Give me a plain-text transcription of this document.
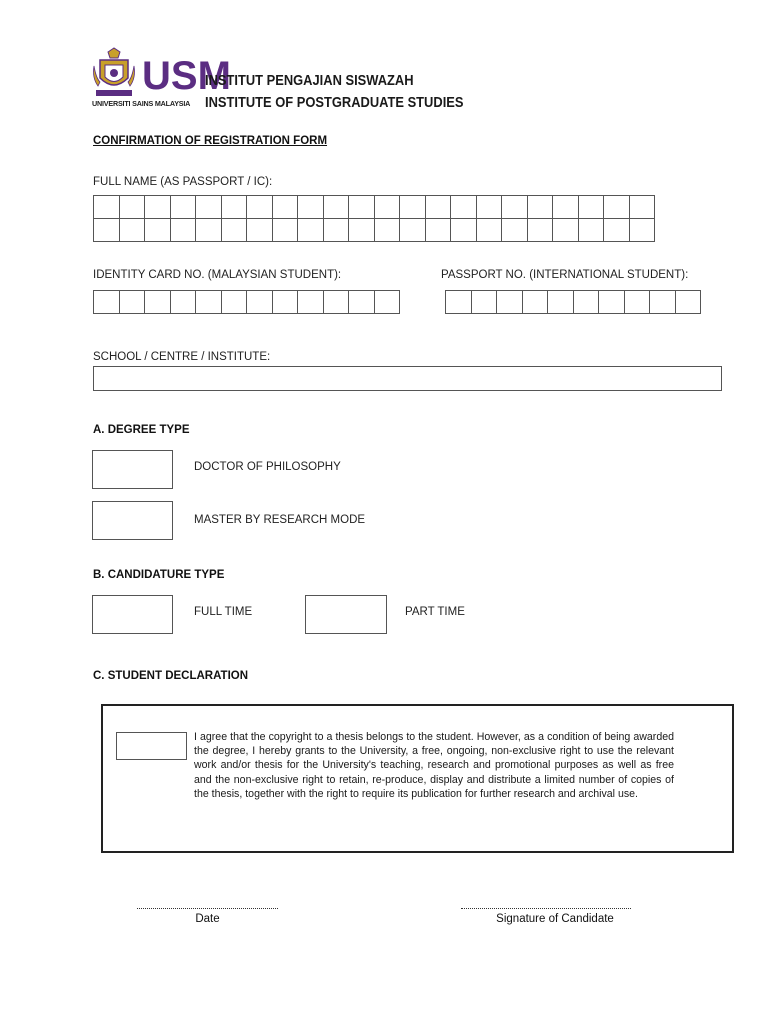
USM
UNIVERSITI SAINS MALAYSIA
INSTITUT PENGAJIAN SISWAZAH
INSTITUTE OF POSTGRADUATE STUDIES
CONFIRMATION OF REGISTRATION FORM
FULL NAME (AS PASSPORT / IC):
IDENTITY CARD NO. (MALAYSIAN STUDENT):	PASSPORT NO. (INTERNATIONAL STUDENT):
SCHOOL / CENTRE / INSTITUTE:
A. DEGREE TYPE
DOCTOR OF PHILOSOPHY
MASTER BY RESEARCH MODE
B. CANDIDATURE TYPE
FULL TIME	PART TIME
C. STUDENT DECLARATION
I agree that the copyright to a thesis belongs to the student. However, as a condition of being awarded the degree, I hereby grants to the University, a free, ongoing, non-exclusive right to use the relevant work and/or thesis for the University's teaching, research and promotional purposes as well as free and the non-exclusive right to retain, re-produce, display and distribute a limited number of copies of the thesis, together with the right to require its publication for further research and archival use.
Date	Signature of Candidate
